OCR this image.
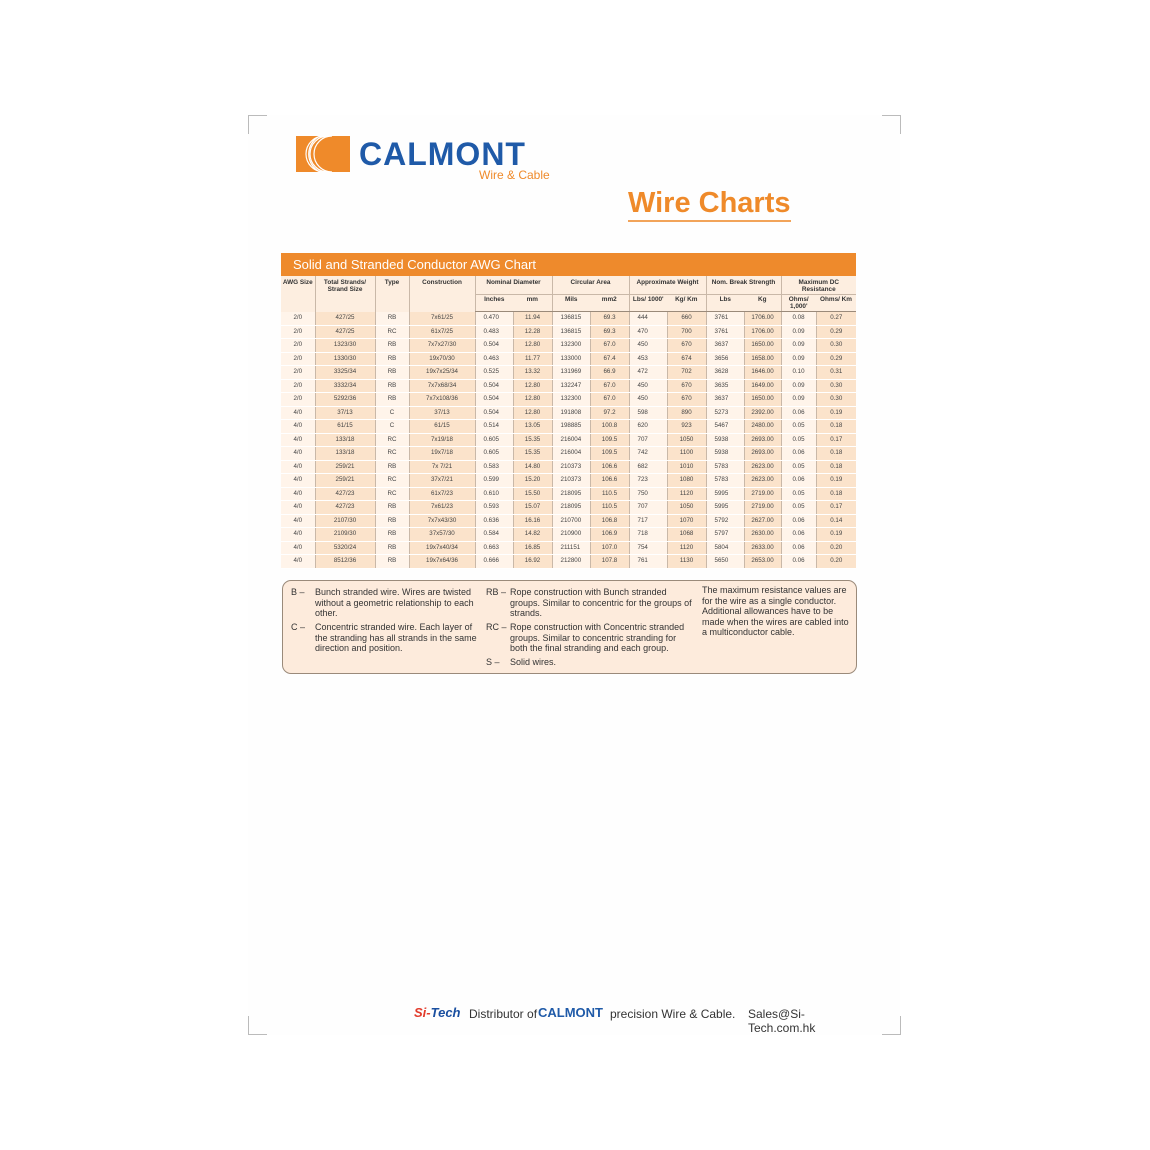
CALMONT
Wire & Cable
Wire Charts
Solid and Stranded Conductor AWG Chart
AWG Size	Total Strands/ Strand Size	Type	Construction	Nominal Diameter		Circular Area		Approximate Weight		Nom. Break Strength		Maximum DC Resistance	
				Inches	mm	Mils	mm2	Lbs/ 1000'	Kg/ Km	Lbs	Kg	Ohms/ 1,000'	Ohms/ Km
2/0	427/25	RB	7x61/25	0.470	11.94	136815	69.3	444	660	3761	1706.00	0.08	0.27
2/0	427/25	RC	61x7/25	0.483	12.28	136815	69.3	470	700	3761	1706.00	0.09	0.29
2/0	1323/30	RB	7x7x27/30	0.504	12.80	132300	67.0	450	670	3637	1650.00	0.09	0.30
2/0	1330/30	RB	19x70/30	0.463	11.77	133000	67.4	453	674	3656	1658.00	0.09	0.29
2/0	3325/34	RB	19x7x25/34	0.525	13.32	131969	66.9	472	702	3628	1646.00	0.10	0.31
2/0	3332/34	RB	7x7x68/34	0.504	12.80	132247	67.0	450	670	3635	1649.00	0.09	0.30
2/0	5292/36	RB	7x7x108/36	0.504	12.80	132300	67.0	450	670	3637	1650.00	0.09	0.30
4/0	37/13	C	37/13	0.504	12.80	191808	97.2	598	890	5273	2392.00	0.06	0.19
4/0	61/15	C	61/15	0.514	13.05	198885	100.8	620	923	5467	2480.00	0.05	0.18
4/0	133/18	RC	7x19/18	0.605	15.35	216004	109.5	707	1050	5938	2693.00	0.05	0.17
4/0	133/18	RC	19x7/18	0.605	15.35	216004	109.5	742	1100	5938	2693.00	0.06	0.18
4/0	259/21	RB	7x 7/21	0.583	14.80	210373	106.6	682	1010	5783	2623.00	0.05	0.18
4/0	259/21	RC	37x7/21	0.599	15.20	210373	106.6	723	1080	5783	2623.00	0.06	0.19
4/0	427/23	RC	61x7/23	0.610	15.50	218095	110.5	750	1120	5995	2719.00	0.05	0.18
4/0	427/23	RB	7x61/23	0.593	15.07	218095	110.5	707	1050	5995	2719.00	0.05	0.17
4/0	2107/30	RB	7x7x43/30	0.636	16.16	210700	106.8	717	1070	5792	2627.00	0.06	0.14
4/0	2109/30	RB	37x57/30	0.584	14.82	210900	106.9	718	1068	5797	2630.00	0.06	0.19
4/0	5320/24	RB	19x7x40/34	0.663	16.85	211151	107.0	754	1120	5804	2633.00	0.06	0.20
4/0	8512/36	RB	19x7x64/36	0.666	16.92	212800	107.8	761	1130	5650	2653.00	0.06	0.20
B – Bunch stranded wire. Wires are twisted without a geometric relationship to each other.
C – Concentric stranded wire. Each layer of the stranding has all strands in the same direction and position.
RB – Rope construction with Bunch stranded groups. Similar to concentric for the groups of strands.
RC – Rope construction with Concentric stranded groups. Similar to concentric stranding for both the final stranding and each group.
S – Solid wires.
The maximum resistance values are for the wire as a single conductor. Additional allowances have to be made when the wires are cabled into a multiconductor cable.
Si-Tech Distributor of CALMONT precision Wire & Cable. Sales@Si-Tech.com.hk
